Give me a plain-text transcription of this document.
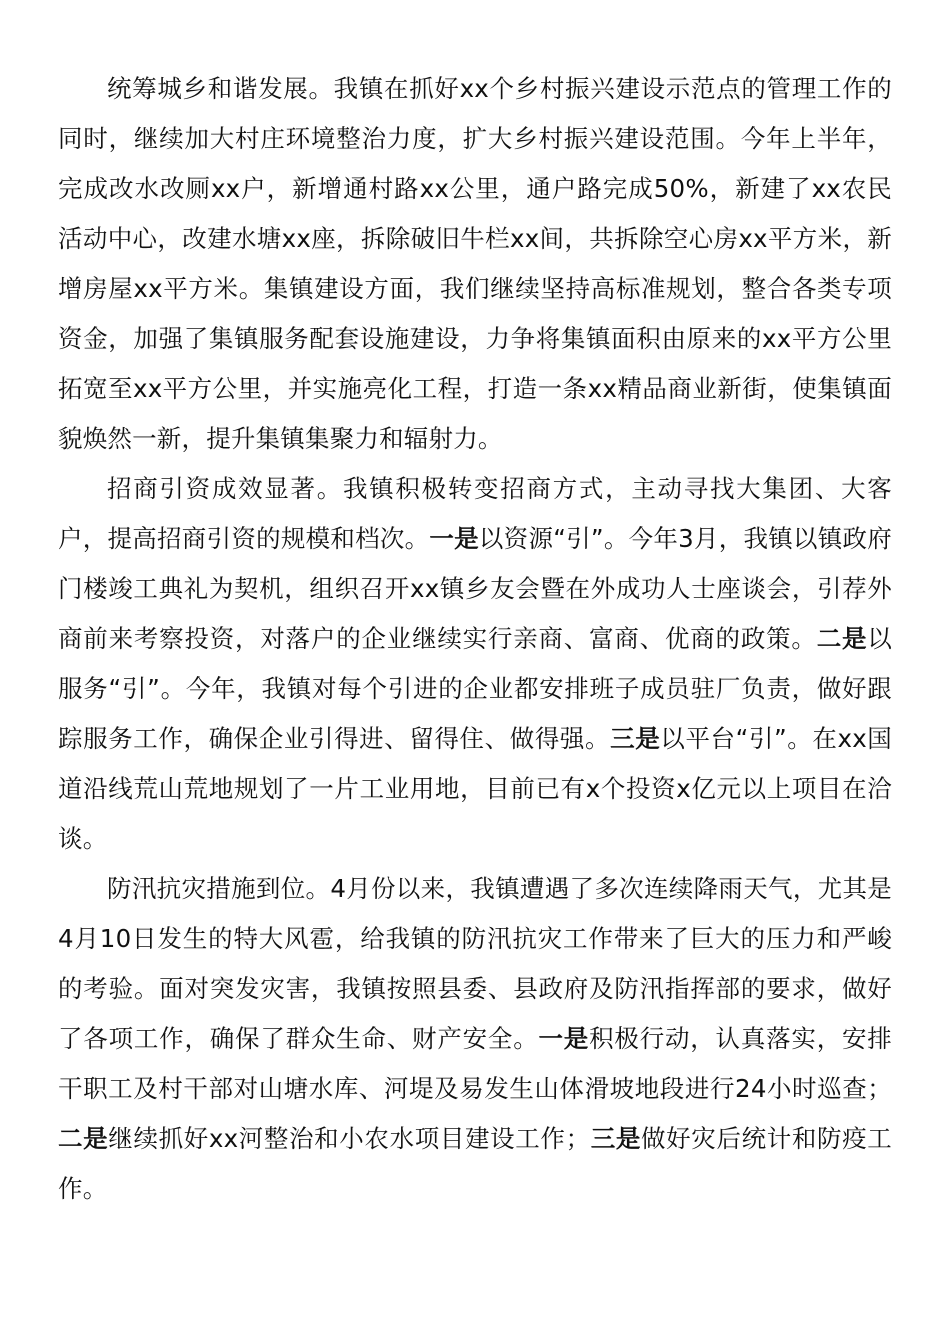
统筹城乡和谐发展。我镇在抓好xx个乡村振兴建设示范点的管理工作的同时，继续加大村庄环境整治力度，扩大乡村振兴建设范围。今年上半年，完成改水改厕xx户，新增通村路xx公里，通户路完成50%，新建了xx农民活动中心，改建水塘xx座，拆除破旧牛栏xx间，共拆除空心房xx平方米，新增房屋xx平方米。集镇建设方面，我们继续坚持高标准规划，整合各类专项资金，加强了集镇服务配套设施建设，力争将集镇面积由原来的xx平方公里拓宽至xx平方公里，并实施亮化工程，打造一条xx精品商业新街，使集镇面貌焕然一新，提升集镇集聚力和辐射力。

招商引资成效显著。我镇积极转变招商方式，主动寻找大集团、大客户，提高招商引资的规模和档次。一是以资源“引”。今年3月，我镇以镇政府门楼竣工典礼为契机，组织召开xx镇乡友会暨在外成功人士座谈会，引荐外商前来考察投资，对落户的企业继续实行亲商、富商、优商的政策。二是以服务“引”。今年，我镇对每个引进的企业都安排班子成员驻厂负责，做好跟踪服务工作，确保企业引得进、留得住、做得强。三是以平台“引”。在xx国道沿线荒山荒地规划了一片工业用地，目前已有x个投资x亿元以上项目在洽谈。

防汛抗灾措施到位。4月份以来，我镇遭遇了多次连续降雨天气，尤其是4月10日发生的特大风雹，给我镇的防汛抗灾工作带来了巨大的压力和严峻的考验。面对突发灾害，我镇按照县委、县政府及防汛指挥部的要求，做好了各项工作，确保了群众生命、财产安全。一是积极行动，认真落实，安排干职工及村干部对山塘水库、河堤及易发生山体滑坡地段进行24小时巡查；二是继续抓好xx河整治和小农水项目建设工作；三是做好灾后统计和防疫工作。
